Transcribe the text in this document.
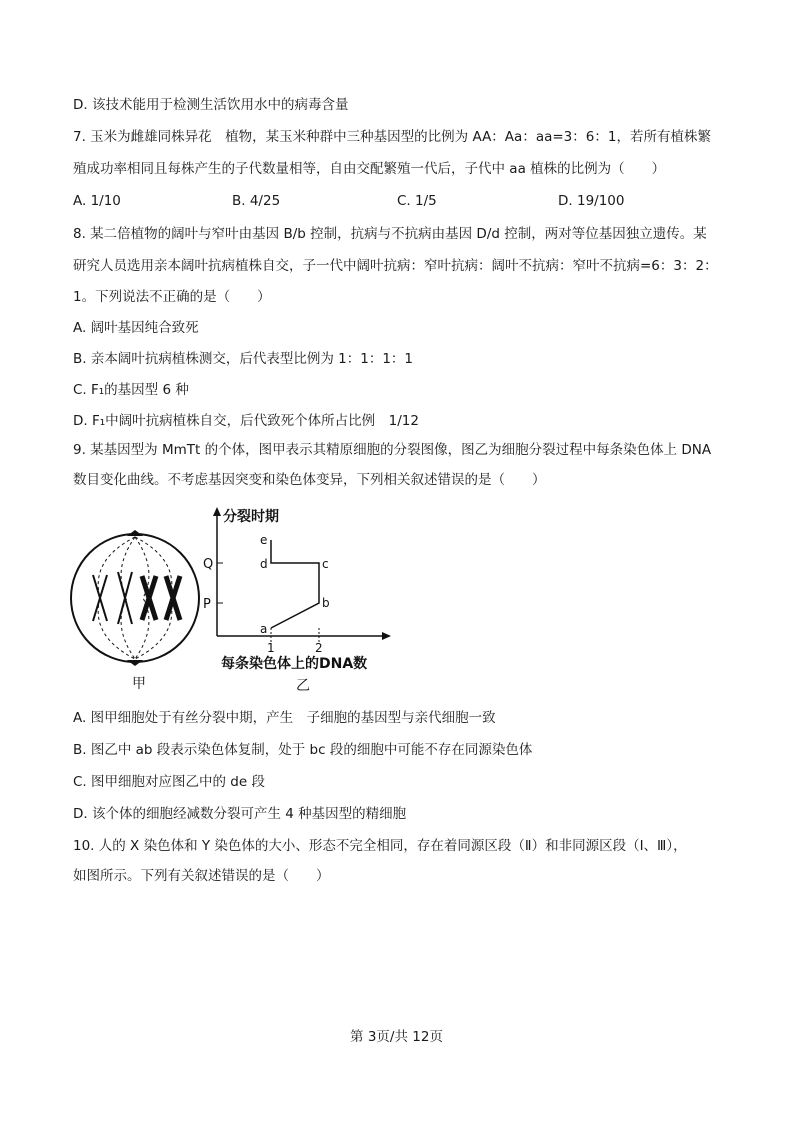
D. 该技术能用于检测生活饮用水中的病毒含量
7. 玉米为雌雄同株异花　植物，某玉米种群中三种基因型的比例为 AA：Aa：aa=3：6：1，若所有植株繁
殖成功率相同且每株产生的子代数量相等，自由交配繁殖一代后，子代中 aa 植株的比例为（　　）
A. 1/10	B. 4/25	C. 1/5	D. 19/100
8. 某二倍植物的阔叶与窄叶由基因 B/b 控制，抗病与不抗病由基因 D/d 控制，两对等位基因独立遗传。某
研究人员选用亲本阔叶抗病植株自交，子一代中阔叶抗病：窄叶抗病：阔叶不抗病：窄叶不抗病=6：3：2：
1。下列说法不正确的是（　　）
A. 阔叶基因纯合致死
B. 亲本阔叶抗病植株测交，后代表型比例为 1：1：1：1
C. F₁的基因型 6 种
D. F₁中阔叶抗病植株自交，后代致死个体所占比例　1/12
9. 某基因型为 MmTt 的个体，图甲表示其精原细胞的分裂图像，图乙为细胞分裂过程中每条染色体上 DNA
数目变化曲线。不考虑基因突变和染色体变异，下列相关叙述错误的是（　　）
甲
分裂时期
Q
P
1	2
a
b
c
d
e
每条染色体上的DNA数
乙
A. 图甲细胞处于有丝分裂中期，产生　子细胞的基因型与亲代细胞一致
B. 图乙中 ab 段表示染色体复制，处于 bc 段的细胞中可能不存在同源染色体
C. 图甲细胞对应图乙中的 de 段
D. 该个体的细胞经减数分裂可产生 4 种基因型的精细胞
10. 人的 X 染色体和 Y 染色体的大小、形态不完全相同，存在着同源区段（Ⅱ）和非同源区段（Ⅰ、Ⅲ），
如图所示。下列有关叙述错误的是（　　）
第 3页/共 12页
